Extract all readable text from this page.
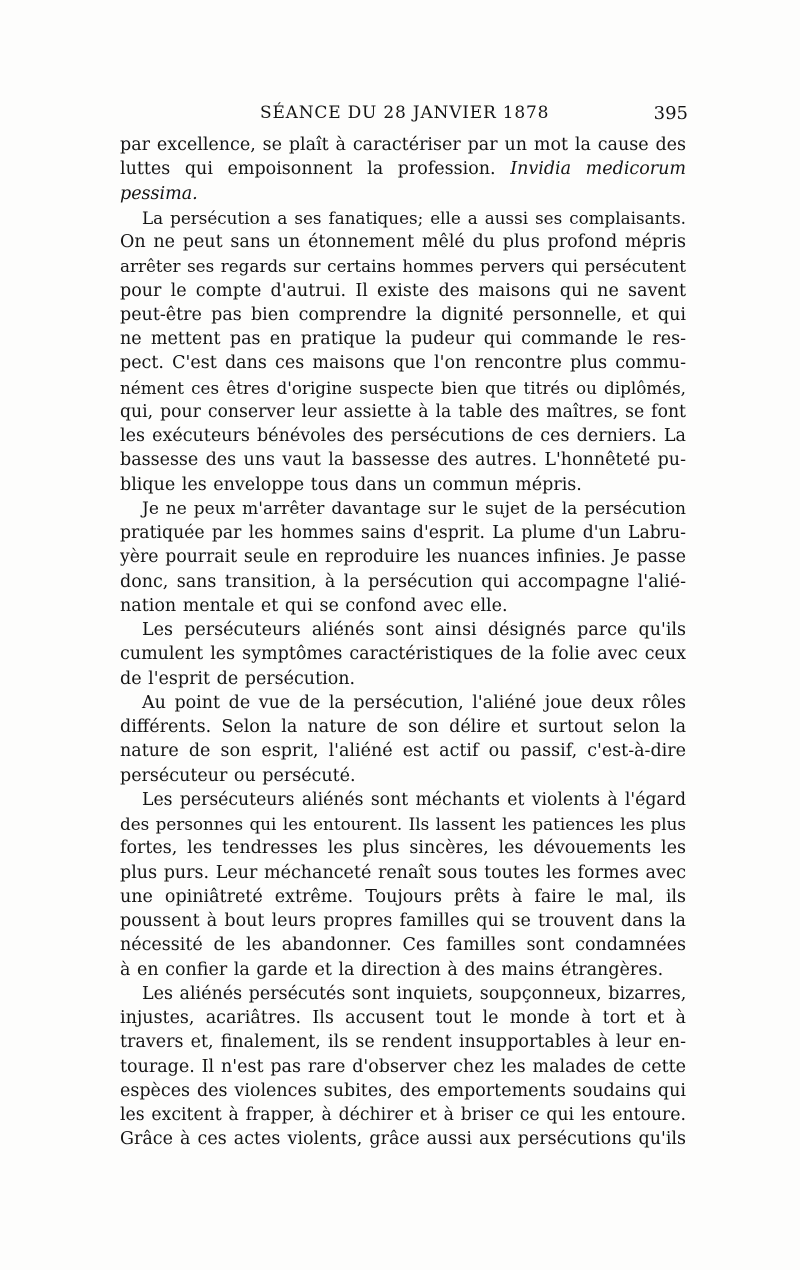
SÉANCE DU 28 JANVIER 1878	395
par excellence, se plaît à caractériser par un mot la cause des
luttes qui empoisonnent la profession. Invidia medicorum
pessima.
La persécution a ses fanatiques; elle a aussi ses complaisants.
On ne peut sans un étonnement mêlé du plus profond mépris
arrêter ses regards sur certains hommes pervers qui persécutent
pour le compte d'autrui. Il existe des maisons qui ne savent
peut-être pas bien comprendre la dignité personnelle, et qui
ne mettent pas en pratique la pudeur qui commande le res-
pect. C'est dans ces maisons que l'on rencontre plus commu-
nément ces êtres d'origine suspecte bien que titrés ou diplômés,
qui, pour conserver leur assiette à la table des maîtres, se font
les exécuteurs bénévoles des persécutions de ces derniers. La
bassesse des uns vaut la bassesse des autres. L'honnêteté pu-
blique les enveloppe tous dans un commun mépris.
Je ne peux m'arrêter davantage sur le sujet de la persécution
pratiquée par les hommes sains d'esprit. La plume d'un Labru-
yère pourrait seule en reproduire les nuances infinies. Je passe
donc, sans transition, à la persécution qui accompagne l'alié-
nation mentale et qui se confond avec elle.
Les persécuteurs aliénés sont ainsi désignés parce qu'ils
cumulent les symptômes caractéristiques de la folie avec ceux
de l'esprit de persécution.
Au point de vue de la persécution, l'aliéné joue deux rôles
différents. Selon la nature de son délire et surtout selon la
nature de son esprit, l'aliéné est actif ou passif, c'est-à-dire
persécuteur ou persécuté.
Les persécuteurs aliénés sont méchants et violents à l'égard
des personnes qui les entourent. Ils lassent les patiences les plus
fortes, les tendresses les plus sincères, les dévouements les
plus purs. Leur méchanceté renaît sous toutes les formes avec
une opiniâtreté extrême. Toujours prêts à faire le mal, ils
poussent à bout leurs propres familles qui se trouvent dans la
nécessité de les abandonner. Ces familles sont condamnées
à en confier la garde et la direction à des mains étrangères.
Les aliénés persécutés sont inquiets, soupçonneux, bizarres,
injustes, acariâtres. Ils accusent tout le monde à tort et à
travers et, finalement, ils se rendent insupportables à leur en-
tourage. Il n'est pas rare d'observer chez les malades de cette
espèces des violences subites, des emportements soudains qui
les excitent à frapper, à déchirer et à briser ce qui les entoure.
Grâce à ces actes violents, grâce aussi aux persécutions qu'ils
